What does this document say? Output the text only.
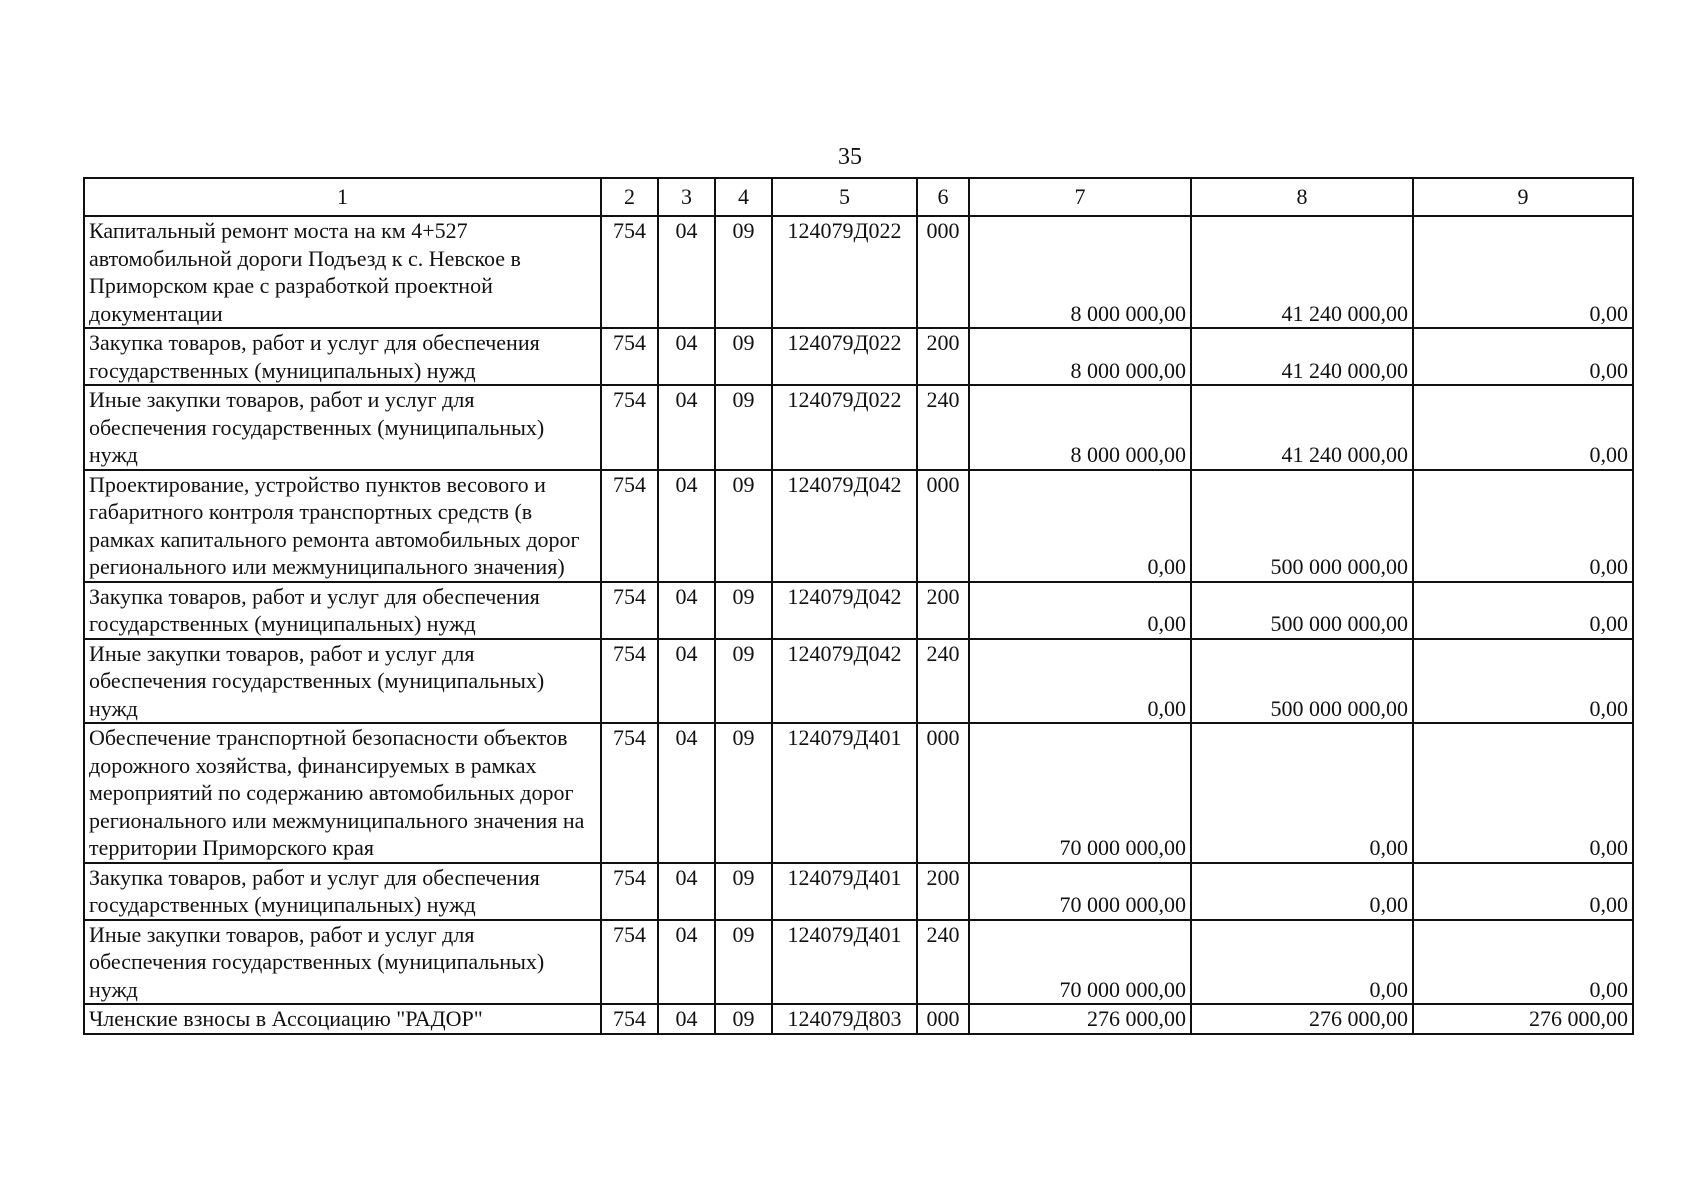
35
1	2	3	4	5	6	7	8	9
Капитальный ремонт моста на км 4+527 автомобильной дороги Подъезд к с. Невское в Приморском крае с разработкой проектной документации	754	04	09	124079Д022	000	8 000 000,00	41 240 000,00	0,00
Закупка товаров, работ и услуг для обеспечения государственных (муниципальных) нужд	754	04	09	124079Д022	200	8 000 000,00	41 240 000,00	0,00
Иные закупки товаров, работ и услуг для обеспечения государственных (муниципальных) нужд	754	04	09	124079Д022	240	8 000 000,00	41 240 000,00	0,00
Проектирование, устройство пунктов весового и габаритного контроля транспортных средств (в рамках капитального ремонта автомобильных дорог регионального или межмуниципального значения)	754	04	09	124079Д042	000	0,00	500 000 000,00	0,00
Закупка товаров, работ и услуг для обеспечения государственных (муниципальных) нужд	754	04	09	124079Д042	200	0,00	500 000 000,00	0,00
Иные закупки товаров, работ и услуг для обеспечения государственных (муниципальных) нужд	754	04	09	124079Д042	240	0,00	500 000 000,00	0,00
Обеспечение транспортной безопасности объектов дорожного хозяйства, финансируемых в рамках мероприятий по содержанию автомобильных дорог регионального или межмуниципального значения на территории Приморского края	754	04	09	124079Д401	000	70 000 000,00	0,00	0,00
Закупка товаров, работ и услуг для обеспечения государственных (муниципальных) нужд	754	04	09	124079Д401	200	70 000 000,00	0,00	0,00
Иные закупки товаров, работ и услуг для обеспечения государственных (муниципальных) нужд	754	04	09	124079Д401	240	70 000 000,00	0,00	0,00
Членские взносы в Ассоциацию "РАДОР"	754	04	09	124079Д803	000	276 000,00	276 000,00	276 000,00
